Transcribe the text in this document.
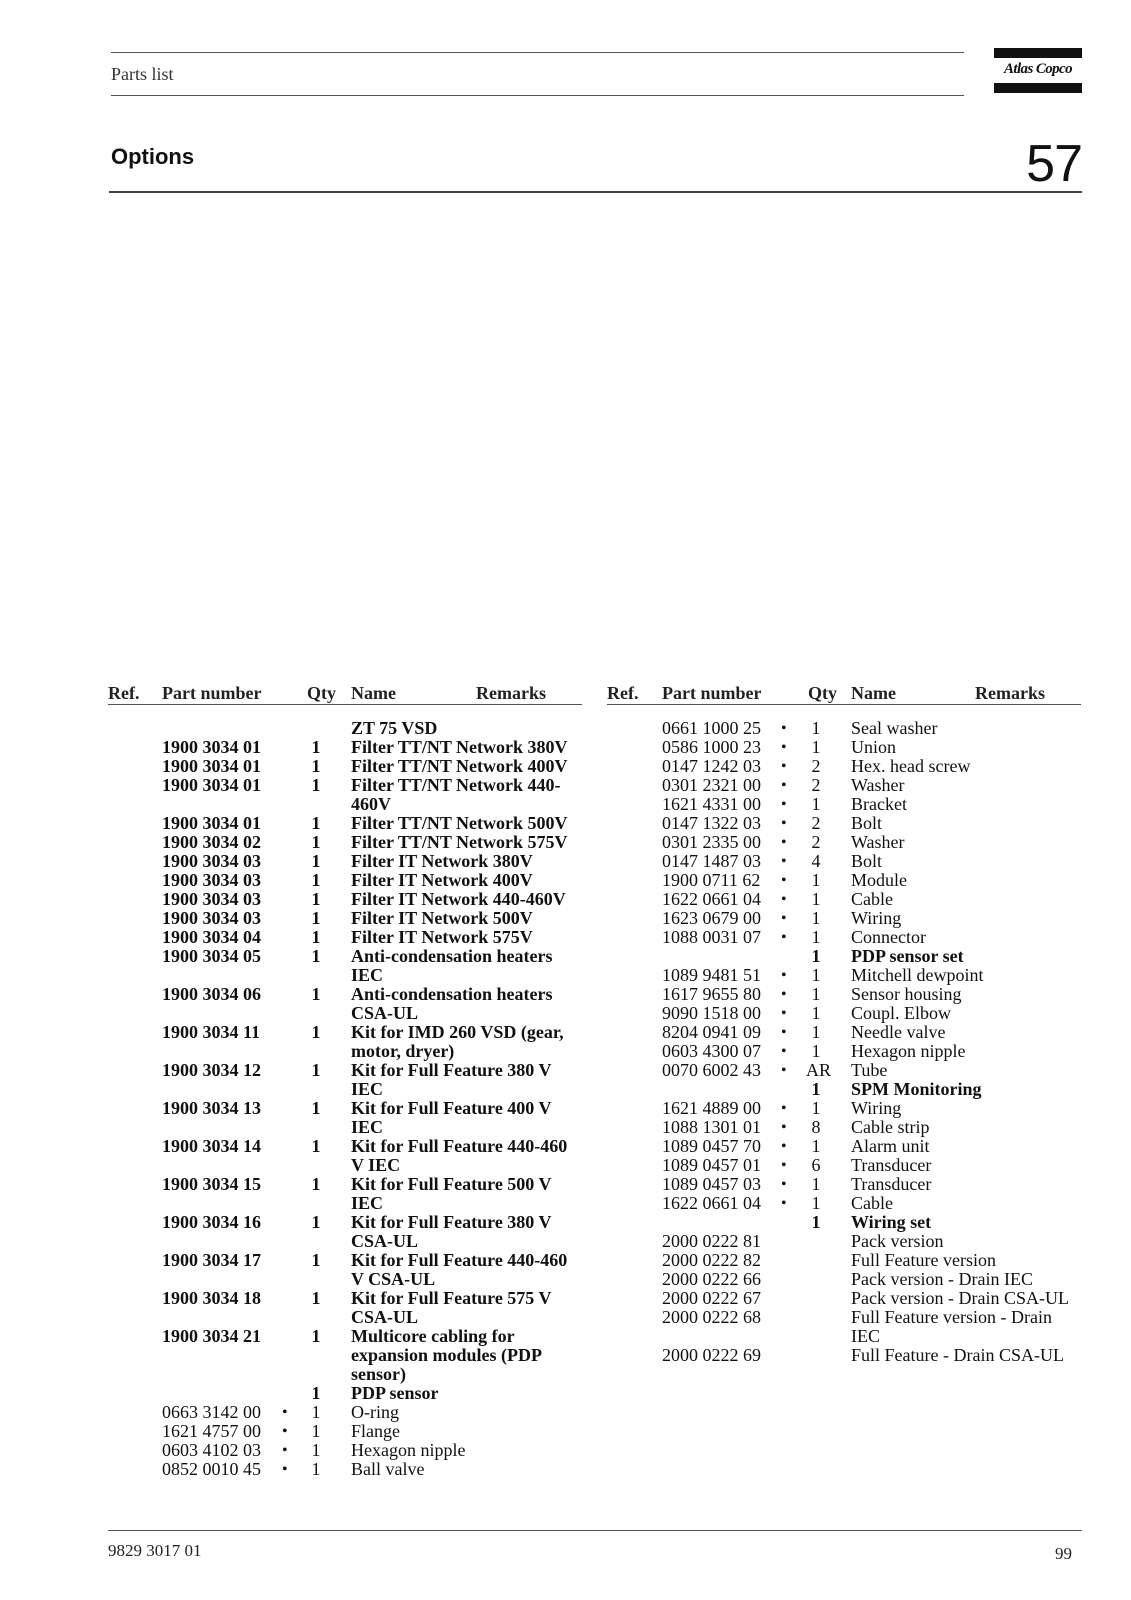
Parts list	Atlas Copco
Options	57
Ref. Part number	Qty Name	Remarks	Ref. Part number	Qty Name	Remarks
ZT 75 VSD
1900 3034 01	1	Filter TT/NT Network 380V
1900 3034 01	1	Filter TT/NT Network 400V
1900 3034 01	1	Filter TT/NT Network 440-
460V
1900 3034 01	1	Filter TT/NT Network 500V
1900 3034 02	1	Filter TT/NT Network 575V
1900 3034 03	1	Filter IT Network 380V
1900 3034 03	1	Filter IT Network 400V
1900 3034 03	1	Filter IT Network 440-460V
1900 3034 03	1	Filter IT Network 500V
1900 3034 04	1	Filter IT Network 575V
1900 3034 05	1	Anti-condensation heaters
IEC
1900 3034 06	1	Anti-condensation heaters
CSA-UL
1900 3034 11	1	Kit for IMD 260 VSD (gear,
motor, dryer)
1900 3034 12	1	Kit for Full Feature 380 V
IEC
1900 3034 13	1	Kit for Full Feature 400 V
IEC
1900 3034 14	1	Kit for Full Feature 440-460
V IEC
1900 3034 15	1	Kit for Full Feature 500 V
IEC
1900 3034 16	1	Kit for Full Feature 380 V
CSA-UL
1900 3034 17	1	Kit for Full Feature 440-460
V CSA-UL
1900 3034 18	1	Kit for Full Feature 575 V
CSA-UL
1900 3034 21	1	Multicore cabling for
expansion modules (PDP
sensor)
1	PDP sensor
0663 3142 00 •	1	O-ring
1621 4757 00 •	1	Flange
0603 4102 03 •	1	Hexagon nipple
0852 0010 45 •	1	Ball valve
0661 1000 25 •	1	Seal washer
0586 1000 23 •	1	Union
0147 1242 03 •	2	Hex. head screw
0301 2321 00 •	2	Washer
1621 4331 00 •	1	Bracket
0147 1322 03 •	2	Bolt
0301 2335 00 •	2	Washer
0147 1487 03 •	4	Bolt
1900 0711 62 •	1	Module
1622 0661 04 •	1	Cable
1623 0679 00 •	1	Wiring
1088 0031 07 •	1	Connector
1	PDP sensor set
1089 9481 51 •	1	Mitchell dewpoint
1617 9655 80 •	1	Sensor housing
9090 1518 00 •	1	Coupl. Elbow
8204 0941 09 •	1	Needle valve
0603 4300 07 •	1	Hexagon nipple
0070 6002 43 • AR Tube
1	SPM Monitoring
1621 4889 00 •	1	Wiring
1088 1301 01 •	8	Cable strip
1089 0457 70 •	1	Alarm unit
1089 0457 01 •	6	Transducer
1089 0457 03 •	1	Transducer
1622 0661 04 •	1	Cable
1	Wiring set
2000 0222 81	Pack version
2000 0222 82	Full Feature version
2000 0222 66	Pack version - Drain IEC
2000 0222 67	Pack version - Drain CSA-UL
2000 0222 68	Full Feature version - Drain
IEC
2000 0222 69	Full Feature - Drain CSA-UL
9829 3017 01	99
